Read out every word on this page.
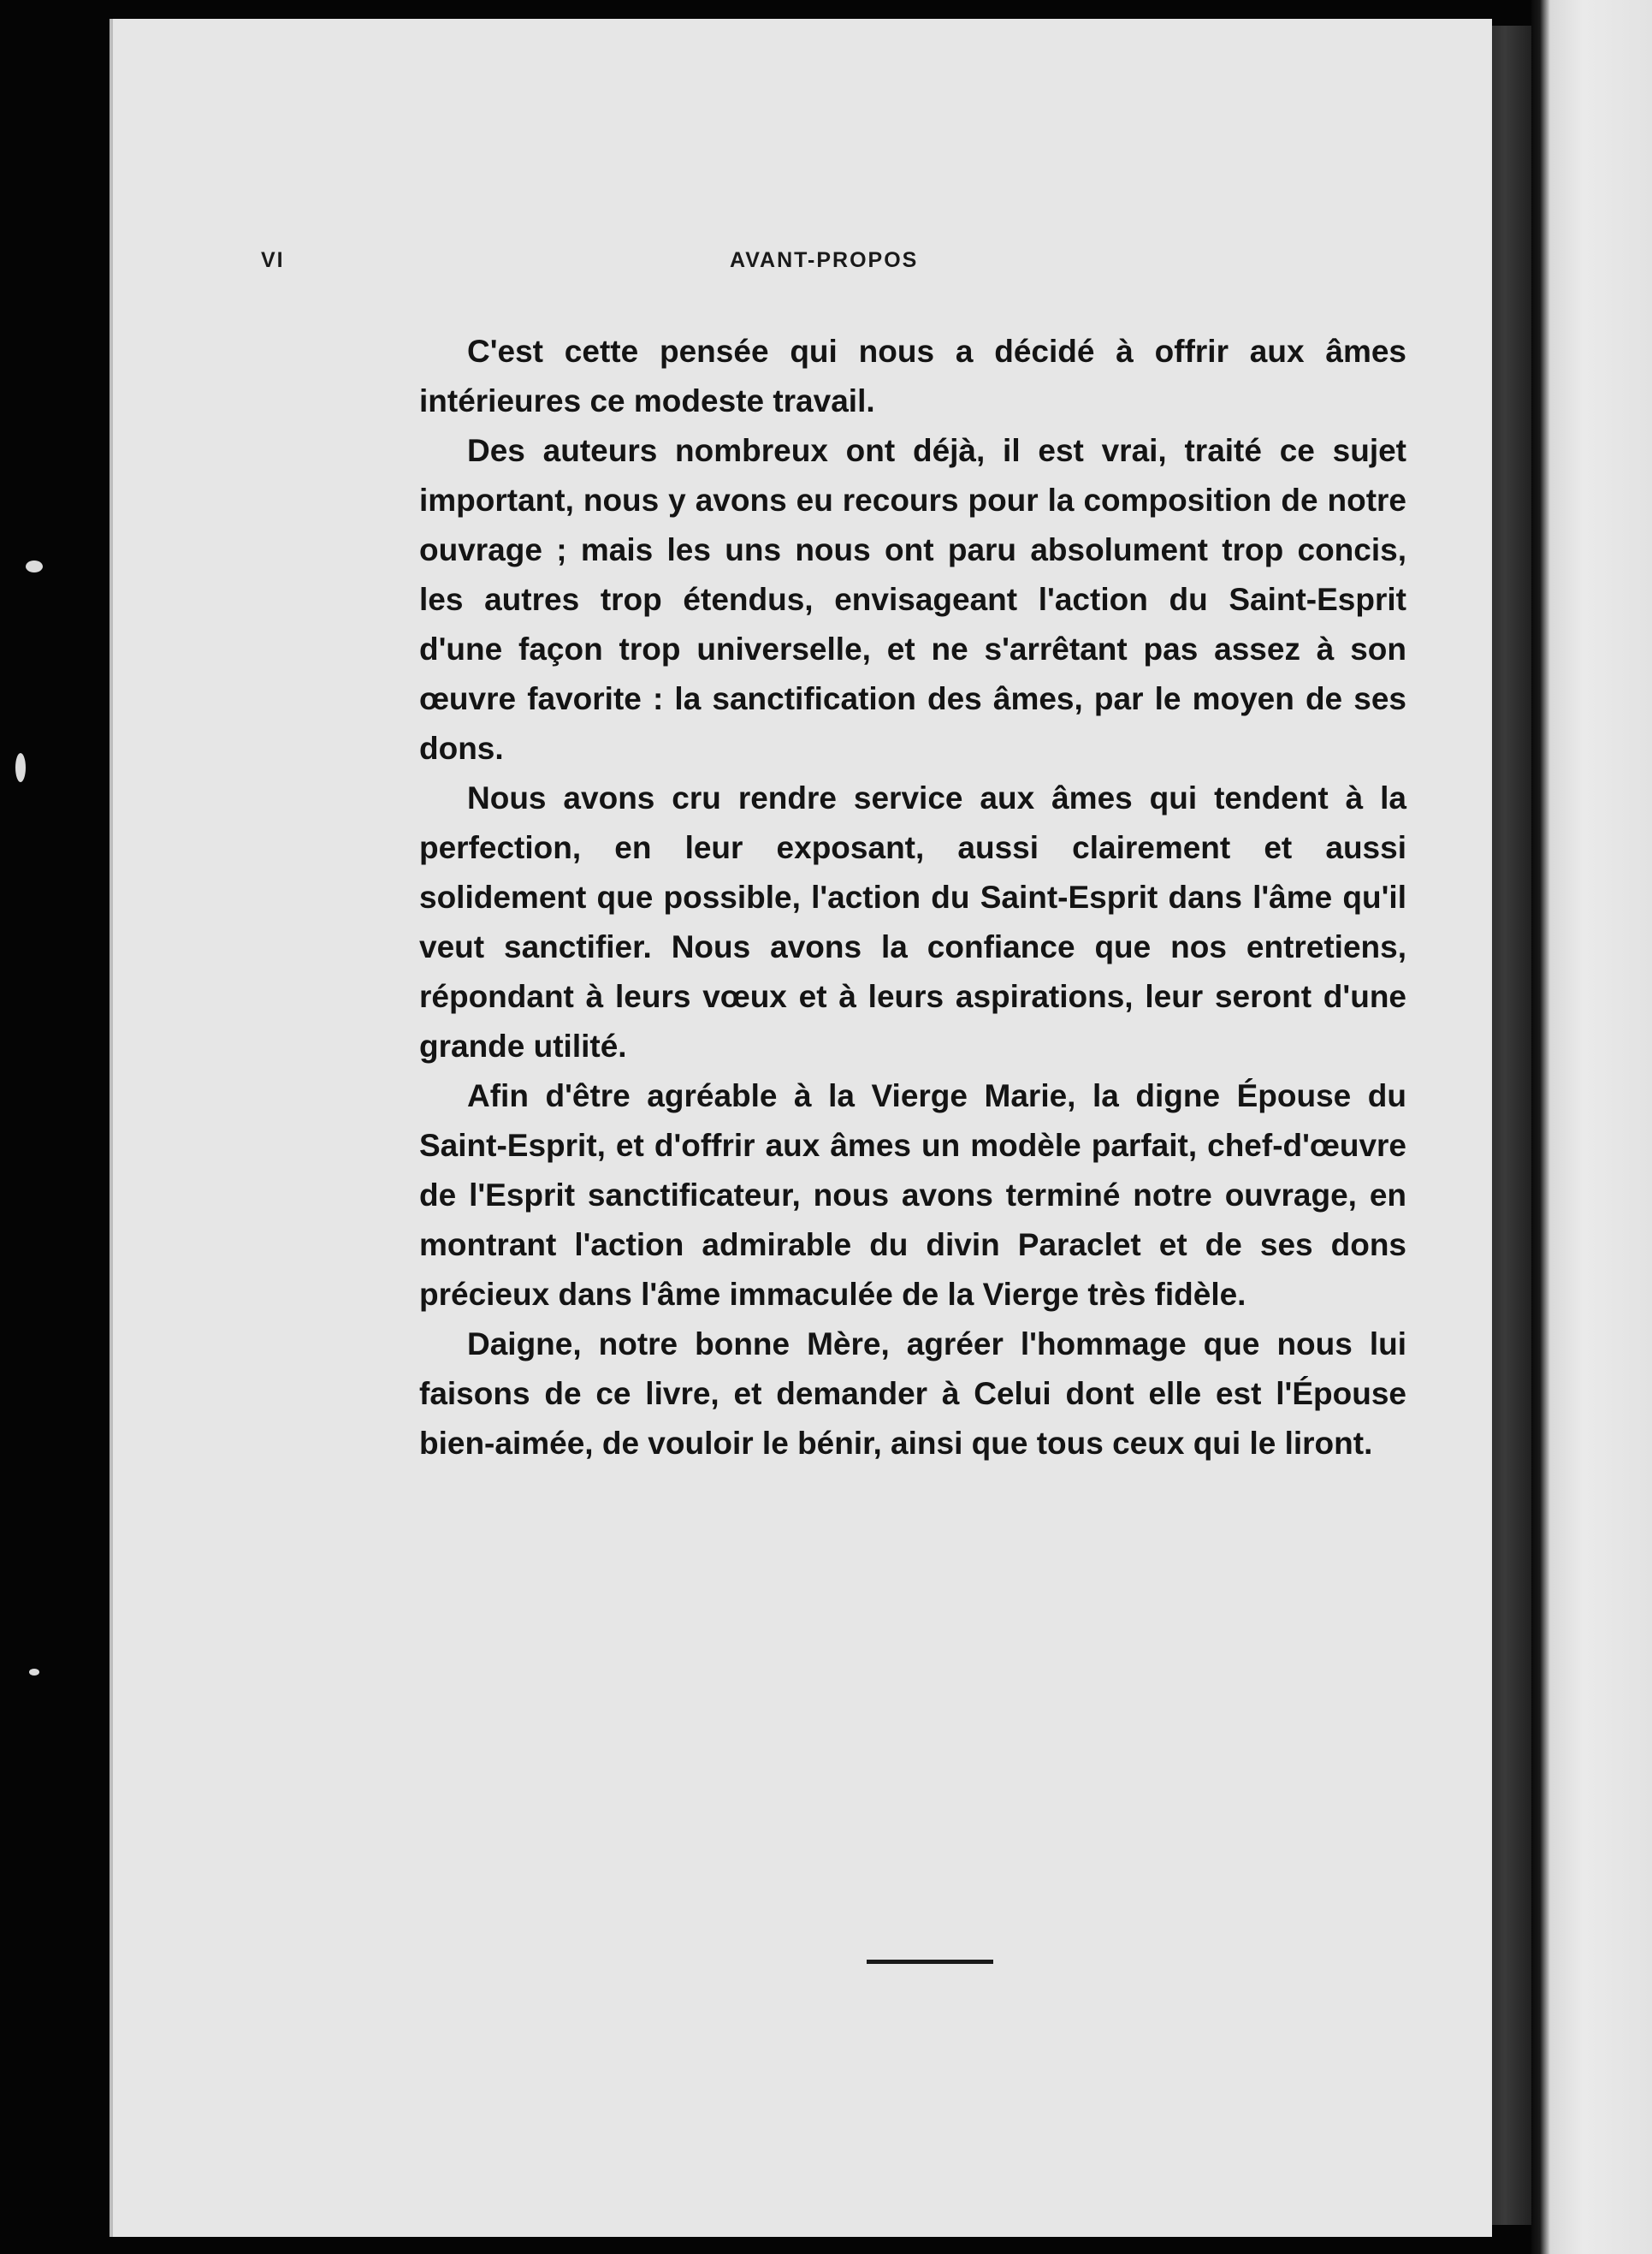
VI	AVANT-PROPOS

C'est cette pensée qui nous a décidé à offrir aux âmes intérieures ce modeste travail.

Des auteurs nombreux ont déjà, il est vrai, traité ce sujet important, nous y avons eu recours pour la composition de notre ouvrage ; mais les uns nous ont paru absolument trop concis, les autres trop étendus, envisageant l'action du Saint-Esprit d'une façon trop universelle, et ne s'arrêtant pas assez à son œuvre favorite : la sanctification des âmes, par le moyen de ses dons.

Nous avons cru rendre service aux âmes qui tendent à la perfection, en leur exposant, aussi clairement et aussi solidement que possible, l'action du Saint-Esprit dans l'âme qu'il veut sanctifier. Nous avons la confiance que nos entretiens, répondant à leurs vœux et à leurs aspirations, leur seront d'une grande utilité.

Afin d'être agréable à la Vierge Marie, la digne Épouse du Saint-Esprit, et d'offrir aux âmes un modèle parfait, chef-d'œuvre de l'Esprit sanctificateur, nous avons terminé notre ouvrage, en montrant l'action admirable du divin Paraclet et de ses dons précieux dans l'âme immaculée de la Vierge très fidèle.

Daigne, notre bonne Mère, agréer l'hommage que nous lui faisons de ce livre, et demander à Celui dont elle est l'Épouse bien-aimée, de vouloir le bénir, ainsi que tous ceux qui le liront.
